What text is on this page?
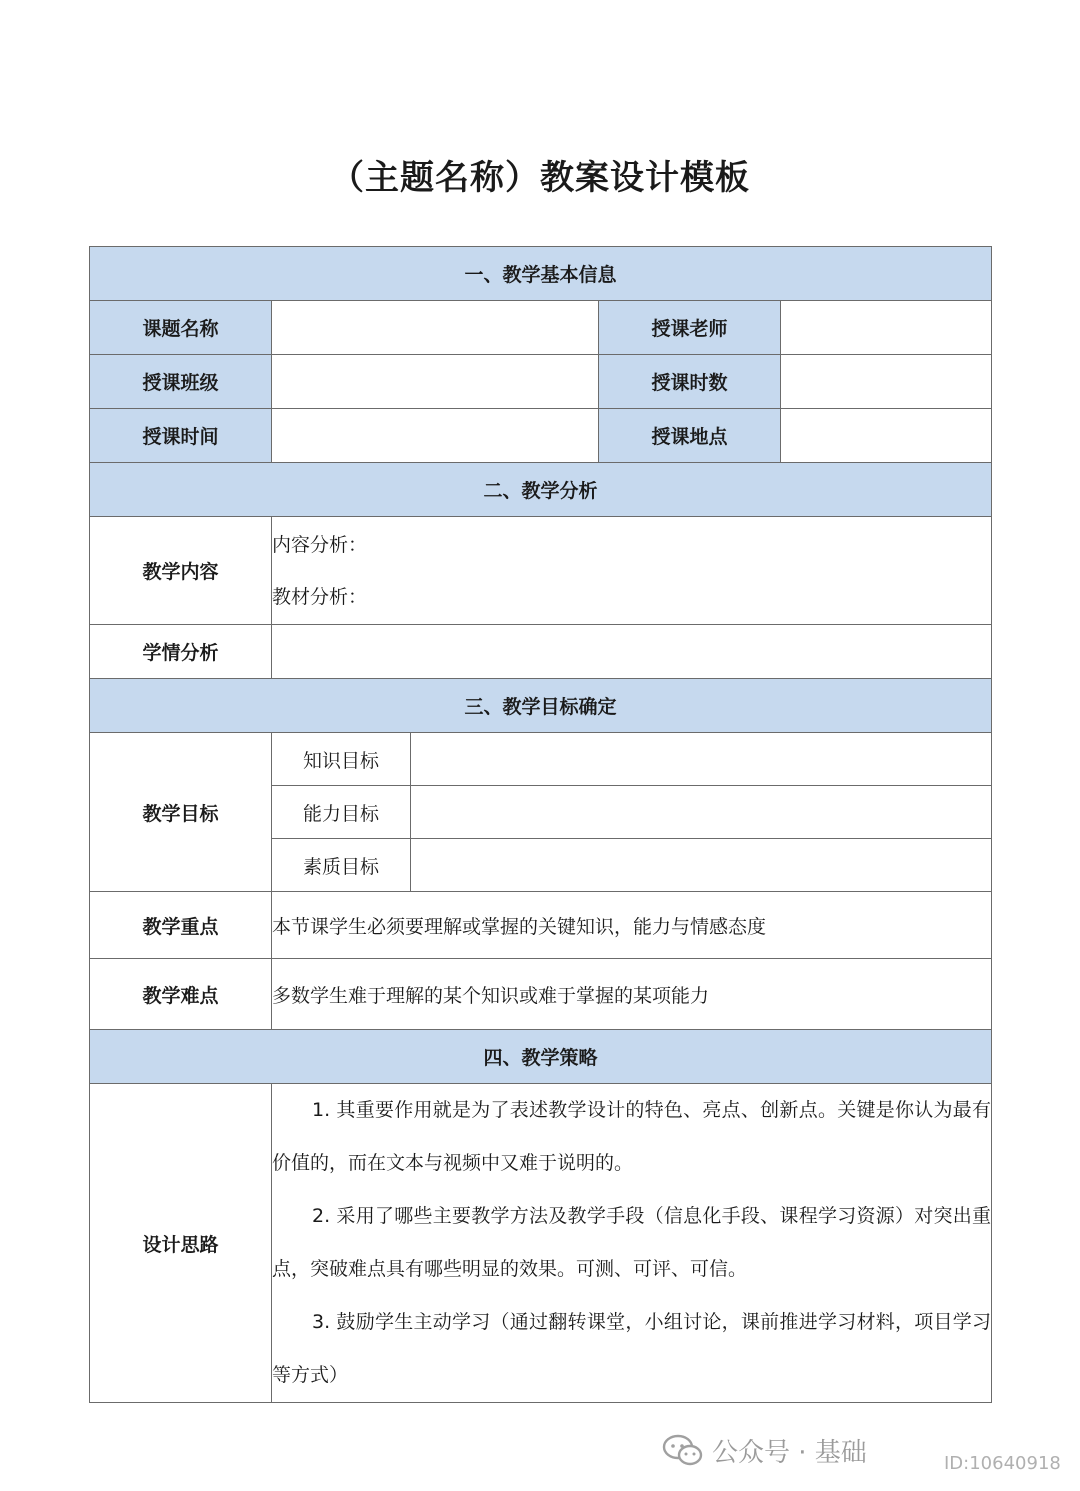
（主题名称）教案设计模板
一、教学基本信息				
课题名称			授课老师	
授课班级			授课时数	
授课时间			授课地点	
二、教学分析				
教学内容	内容分析：
教材分析：			

学情分析				
三、教学目标确定				
教学目标	知识目标			
	能力目标			
	素质目标			
教学重点	本节课学生必须要理解或掌握的关键知识，能力与情感态度			
教学难点	多数学生难于理解的某个知识或难于掌握的某项能力			
四、教学策略				
设计思路	1. 其重要作用就是为了表述教学设计的特色、亮点、创新点。关键是你认为最有价值的，而在文本与视频中又难于说明的。

2. 采用了哪些主要教学方法及教学手段（信息化手段、课程学习资源）对突出重点，突破难点具有哪些明显的效果。可测、可评、可信。

3. 鼓励学生主动学习（通过翻转课堂，小组讨论，课前推进学习材料，项目学习等方式）			

公众号 · 基础	ID:10640918
